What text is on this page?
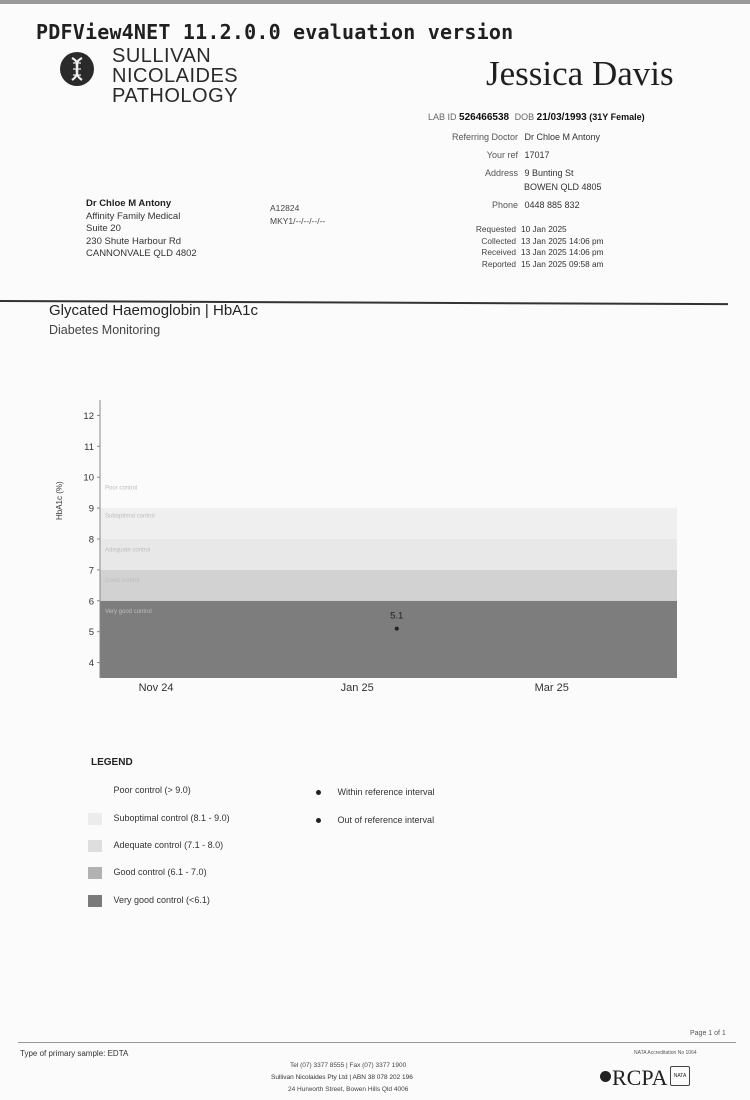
PDFView4NET 11.2.0.0 evaluation version
SULLIVAN
NICOLAIDES
PATHOLOGY
Jessica Davis
LAB ID 526466538 DOB 21/03/1993 (31Y Female)
Referring Doctor Dr Chloe M Antony
Your ref 17017
Address 9 Bunting St
BOWEN QLD 4805
Phone 0448 885 832
Dr Chloe M Antony
Affinity Family Medical
Suite 20
230 Shute Harbour Rd
CANNONVALE QLD 4802
A12824
MKY1/--/--/--/--
Requested 10 Jan 2025
Collected 13 Jan 2025 14:06 pm
Received 13 Jan 2025 14:06 pm
Reported 15 Jan 2025 09:58 am
Glycated Haemoglobin | HbA1c
Diabetes Monitoring
HbA1c (%)	Poor control
Suboptimal control
Adequate control
Good control
Very good control
4
5
6
7
8
9
10
11
12
Nov 24	Jan 25	Mar 25
5.1
LEGEND
Poor control (> 9.0)
Suboptimal control (8.1 - 9.0)
Adequate control (7.1 - 8.0)
Good control (6.1 - 7.0)
Very good control (<6.1)
Within reference interval
Out of reference interval
Page 1 of 1
Type of primary sample: EDTA
Tel (07) 3377 8555 | Fax (07) 3377 1900
Sullivan Nicolaides Pty Ltd | ABN 38 078 202 196
24 Hurworth Street, Bowen Hills Qld 4006
NATA Accreditation No 1064
RCPA	NATA
